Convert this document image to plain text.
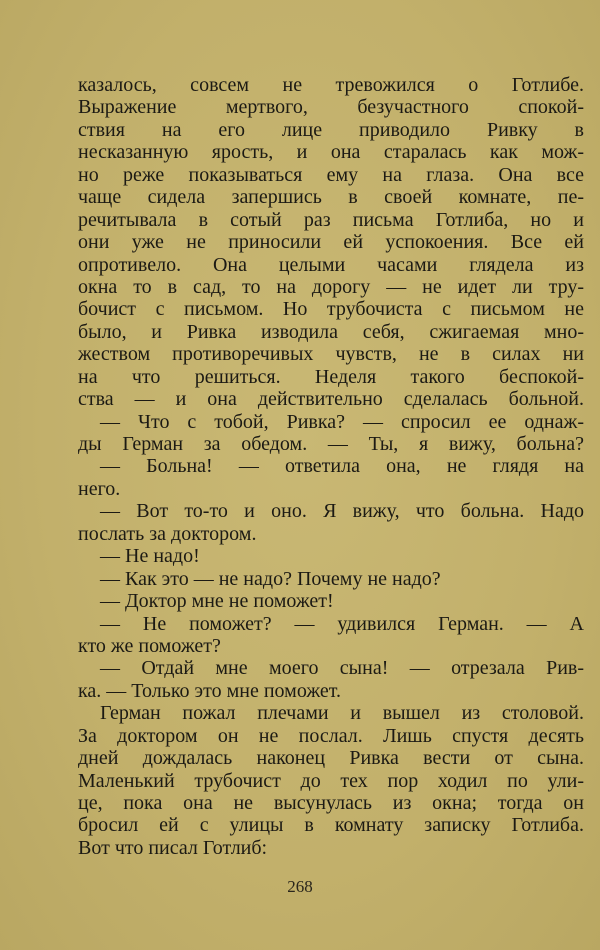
казалось, совсем не тревожился о Готлибе.
Выражение мертвого, безучастного спокой-
ствия на его лице приводило Ривку в
несказанную ярость, и она старалась как мож-
но реже показываться ему на глаза. Она все
чаще сидела запершись в своей комнате, пе-
речитывала в сотый раз письма Готлиба, но и
они уже не приносили ей успокоения. Все ей
опротивело. Она целыми часами глядела из
окна то в сад, то на дорогу — не идет ли тру-
бочист с письмом. Но трубочиста с письмом не
было, и Ривка изводила себя, сжигаемая мно-
жеством противоречивых чувств, не в силах ни
на что решиться. Неделя такого беспокой-
ства — и она действительно сделалась больной.
— Что с тобой, Ривка? — спросил ее однаж-
ды Герман за обедом. — Ты, я вижу, больна?
— Больна! — ответила она, не глядя на
него.
— Вот то-то и оно. Я вижу, что больна. Надо
послать за доктором.
— Не надо!
— Как это — не надо? Почему не надо?
— Доктор мне не поможет!
— Не поможет? — удивился Герман. — А
кто же поможет?
— Отдай мне моего сына! — отрезала Рив-
ка. — Только это мне поможет.
Герман пожал плечами и вышел из столовой.
За доктором он не послал. Лишь спустя десять
дней дождалась наконец Ривка вести от сына.
Маленький трубочист до тех пор ходил по ули-
це, пока она не высунулась из окна; тогда он
бросил ей с улицы в комнату записку Готлиба.
Вот что писал Готлиб:
268
